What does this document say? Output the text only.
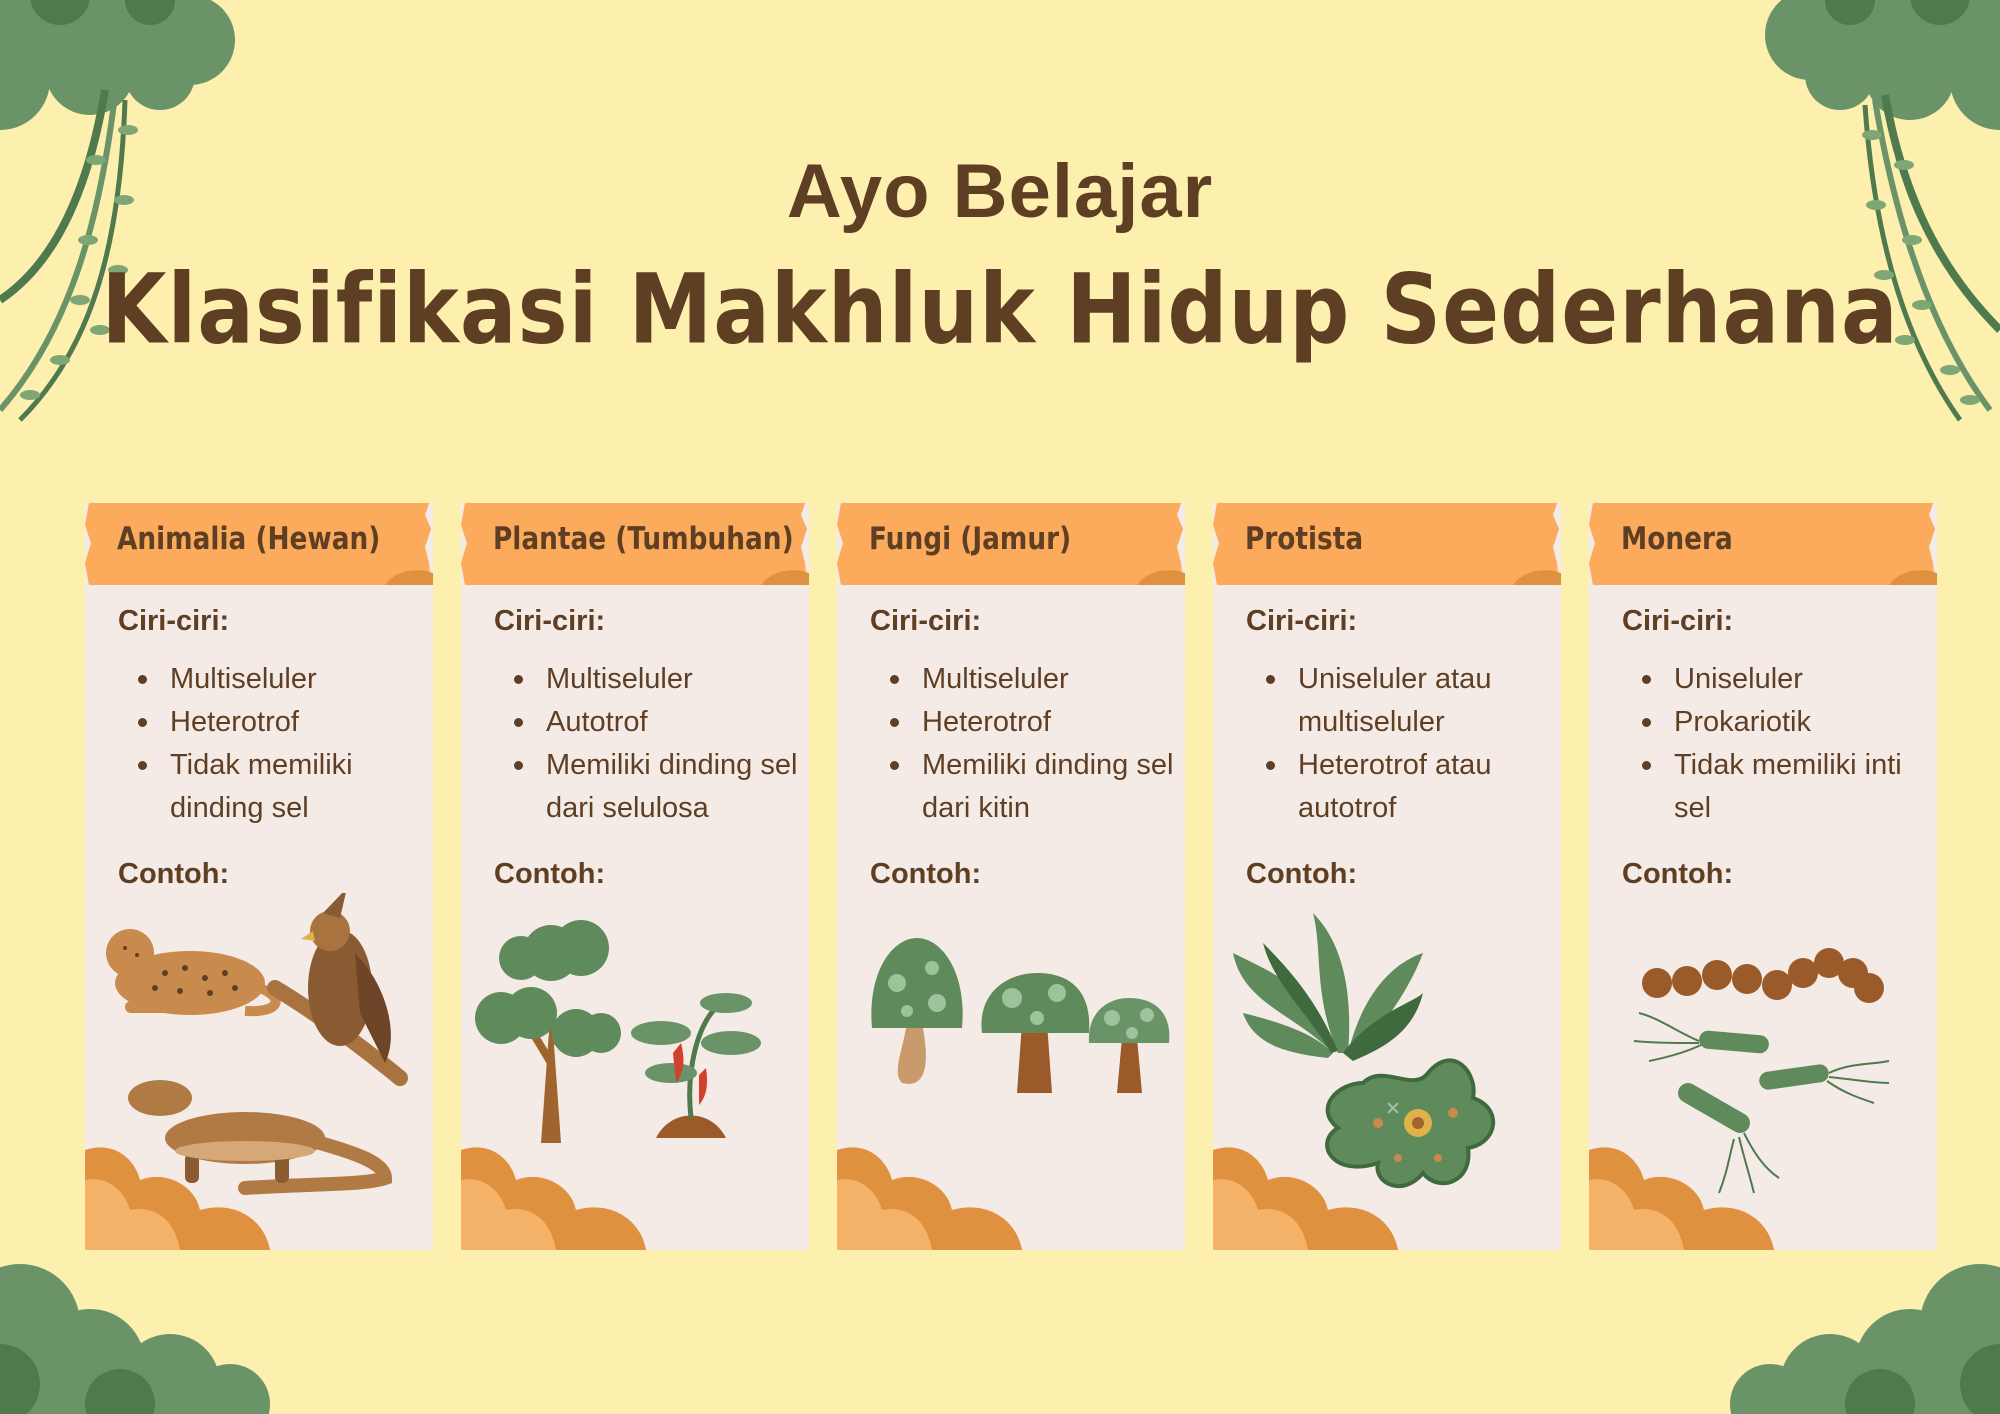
Ayo Belajar
Klasifikasi Makhluk Hidup Sederhana
Animalia (Hewan)
Ciri-ciri:
Multiseluler
Heterotrof
Tidak memiliki dinding sel
Contoh:
Plantae (Tumbuhan)
Ciri-ciri:
Multiseluler
Autotrof
Memiliki dinding sel dari selulosa
Contoh:
Fungi (Jamur)
Ciri-ciri:
Multiseluler
Heterotrof
Memiliki dinding sel dari kitin
Contoh:
Protista
Ciri-ciri:
Uniseluler atau multiseluler
Heterotrof atau autotrof
Contoh:
Monera
Ciri-ciri:
Uniseluler
Prokariotik
Tidak memiliki inti sel
Contoh:
